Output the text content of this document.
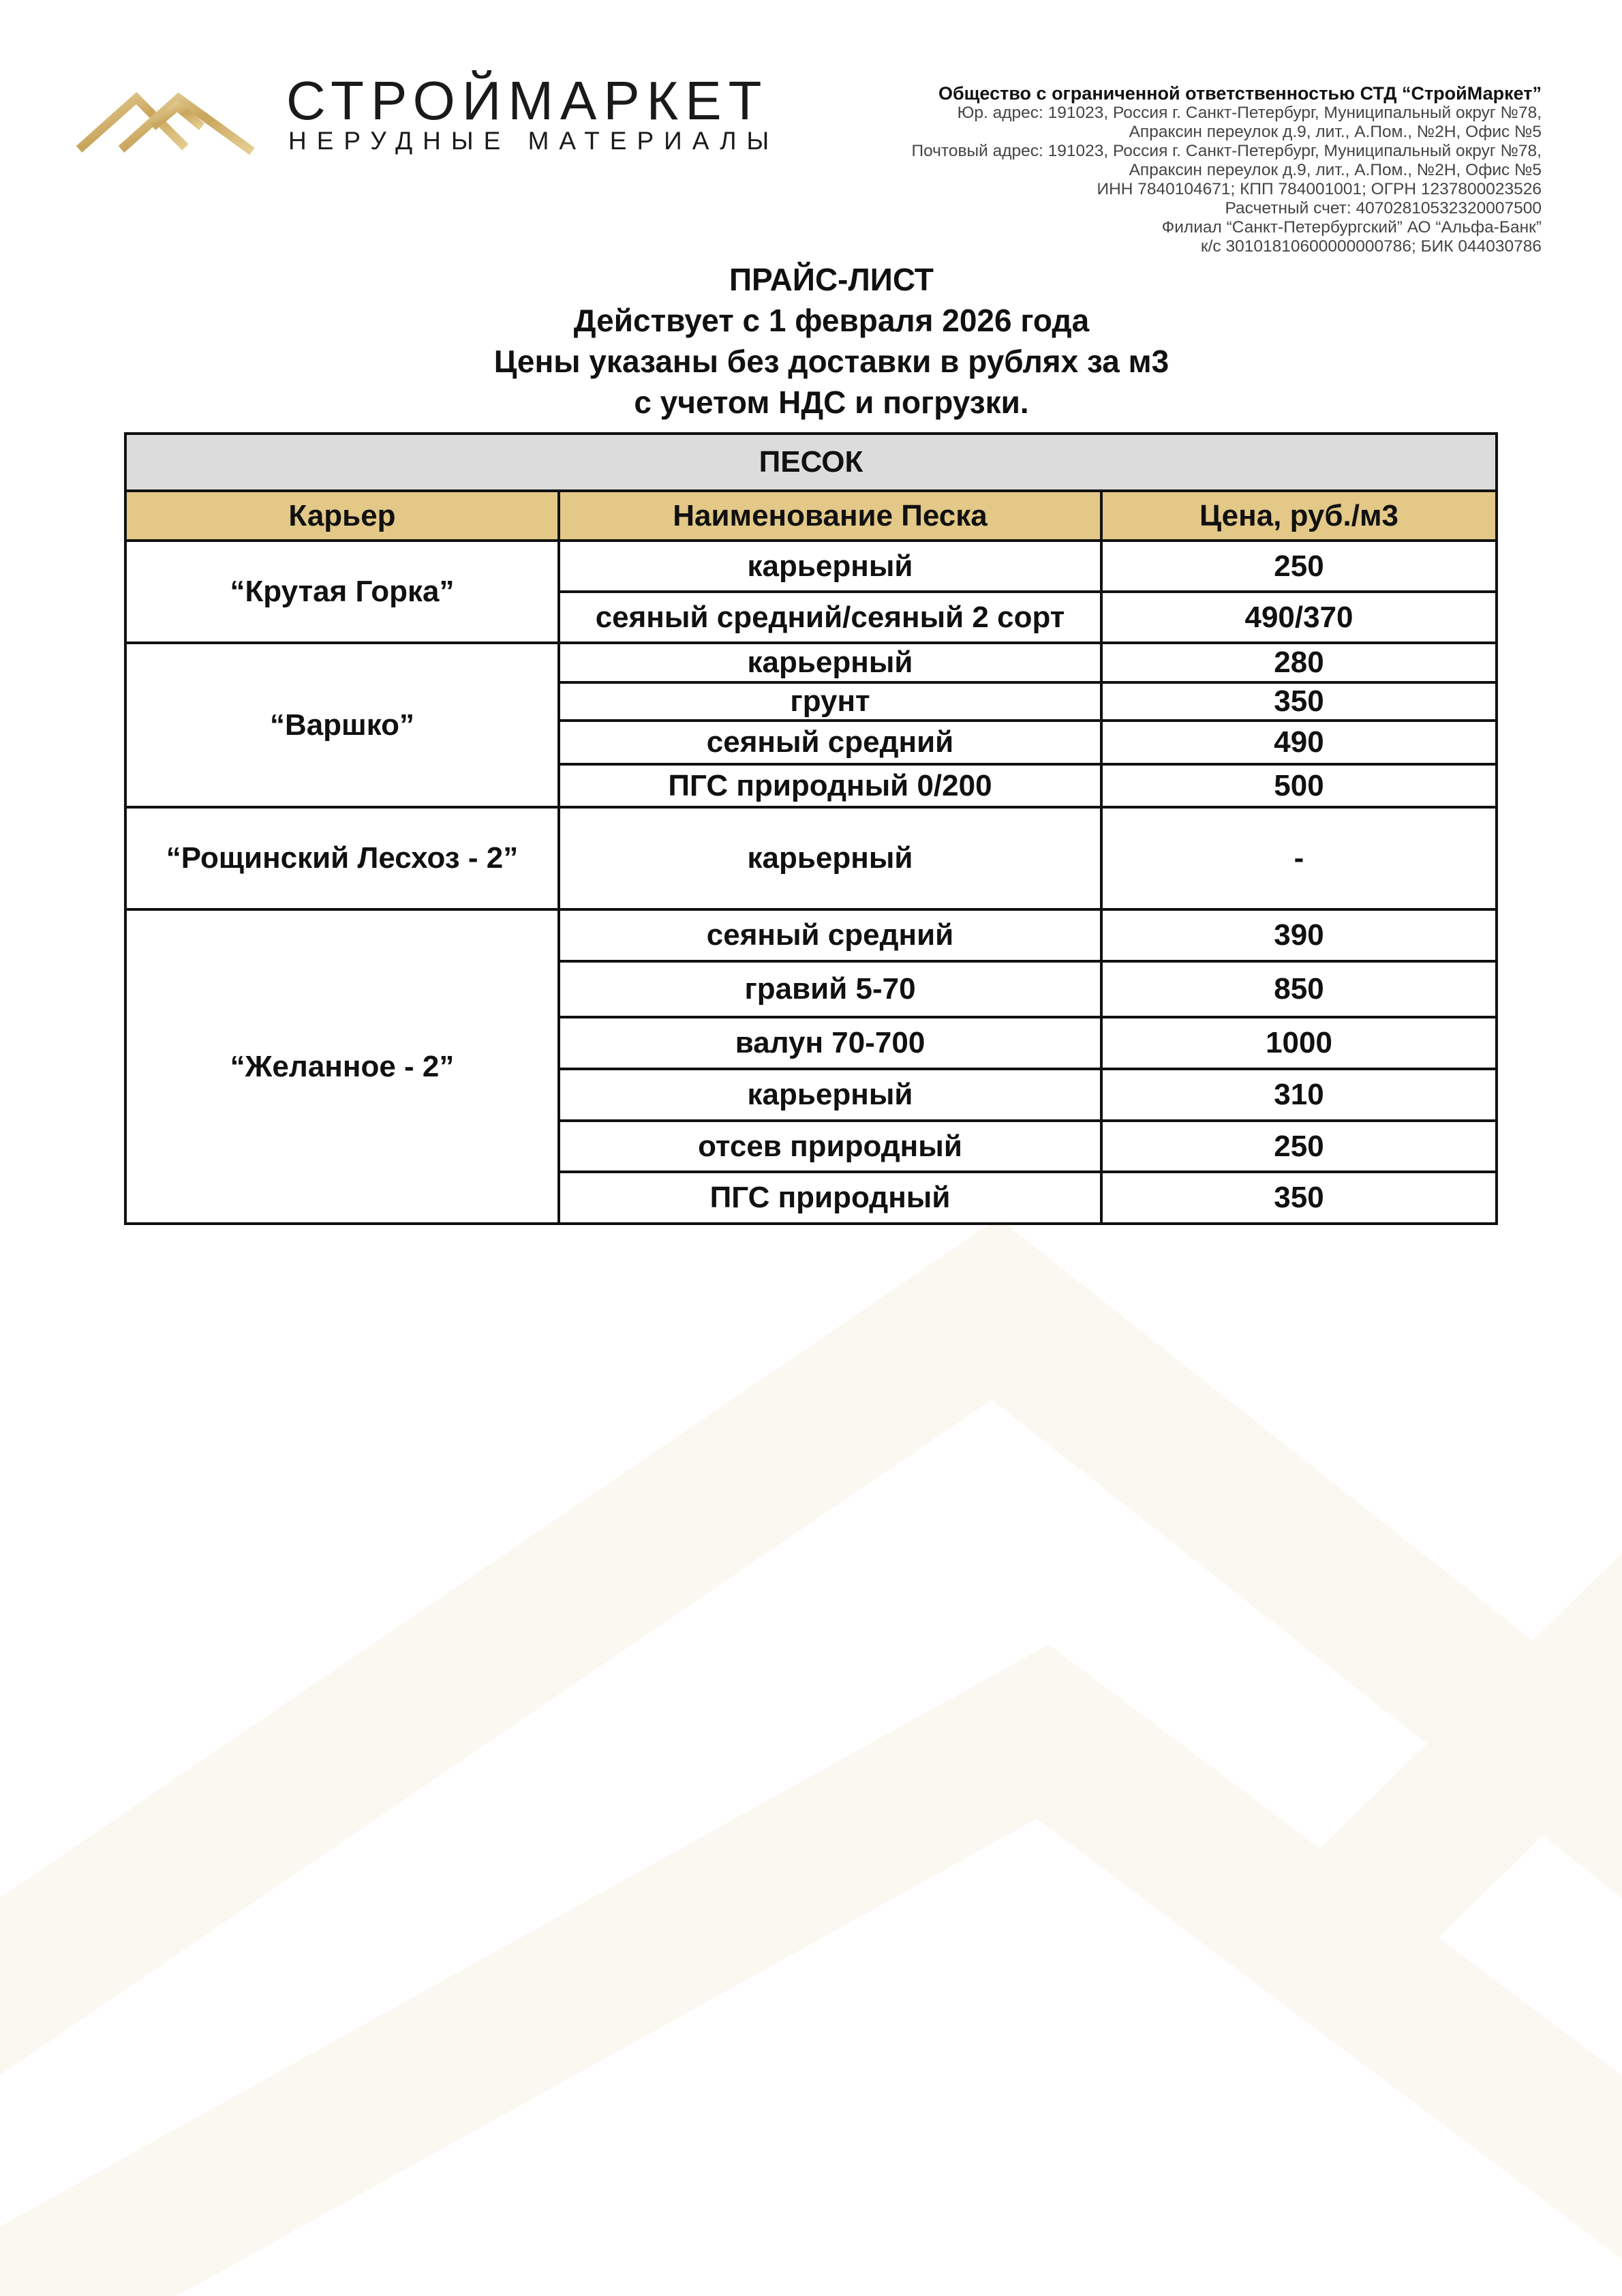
СТРОЙМАРКЕТ
НЕРУДНЫЕ МАТЕРИАЛЫ
Общество с ограниченной ответственностью СТД “СтройМаркет”
Юр. адрес: 191023, Россия г. Санкт-Петербург, Муниципальный округ №78,
Апраксин переулок д.9, лит., А.Пом., №2Н, Офис №5
Почтовый адрес: 191023, Россия г. Санкт-Петербург, Муниципальный округ №78,
Апраксин переулок д.9, лит., А.Пом., №2Н, Офис №5
ИНН 7840104671; КПП 784001001; ОГРН 1237800023526
Расчетный счет: 40702810532320007500
Филиал “Санкт-Петербургский” АО “Альфа-Банк”
к/с 30101810600000000786; БИК 044030786
ПРАЙС-ЛИСТ
Действует с 1 февраля 2026 года
Цены указаны без доставки в рублях за м3
с учетом НДС и погрузки.
ПЕСОК		
Карьер	Наименование Песка	Цена, руб./м3
“Крутая Горка”	карьерный	250
	сеяный средний/сеяный 2 сорт	490/370
“Варшко”	карьерный	280
	грунт	350
	сеяный средний	490
	ПГС природный 0/200	500
“Рощинский Лесхоз - 2”	карьерный	-
“Желанное - 2”	сеяный средний	390
	гравий 5-70	850
	валун 70-700	1000
	карьерный	310
	отсев природный	250
	ПГС природный	350
